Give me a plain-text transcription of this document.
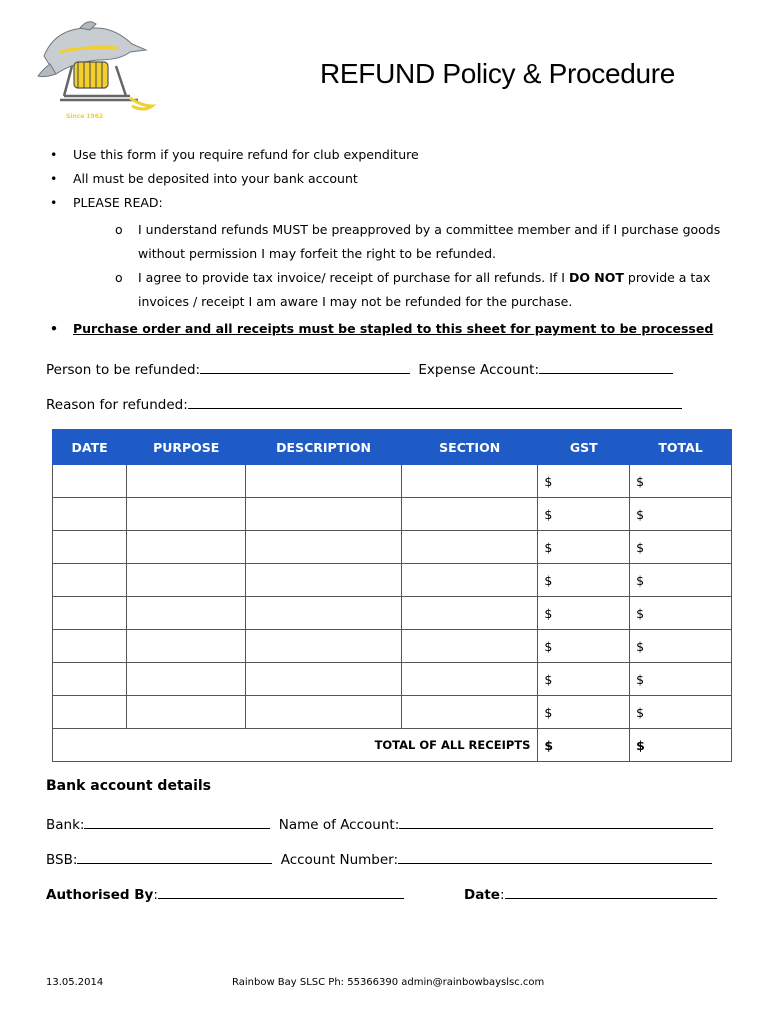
Since 1962
REFUND Policy & Procedure
• Use this form if you require refund for club expenditure
• All must be deposited into your bank account
• PLEASE READ:
o I understand refunds MUST be preapproved by a committee member and if I purchase goods without permission I may forfeit the right to be refunded.
o I agree to provide tax invoice/ receipt of purchase for all refunds. If I DO NOT provide a tax invoices / receipt I am aware I may not be refunded for the purchase.
• Purchase order and all receipts must be stapled to this sheet for payment to be processed
Person to be refunded:	Expense Account:
Reason for refunded:
DATE	PURPOSE	DESCRIPTION	SECTION	GST	TOTAL
				$	$
				$	$
				$	$
				$	$
				$	$
				$	$
				$	$
				$	$
TOTAL OF ALL RECEIPTS				$	$
Bank account details
Bank:	Name of Account:
BSB:	Account Number:
Authorised By:	Date:
13.05.2014	Rainbow Bay SLSC Ph: 55366390 admin@rainbowbayslsc.com
